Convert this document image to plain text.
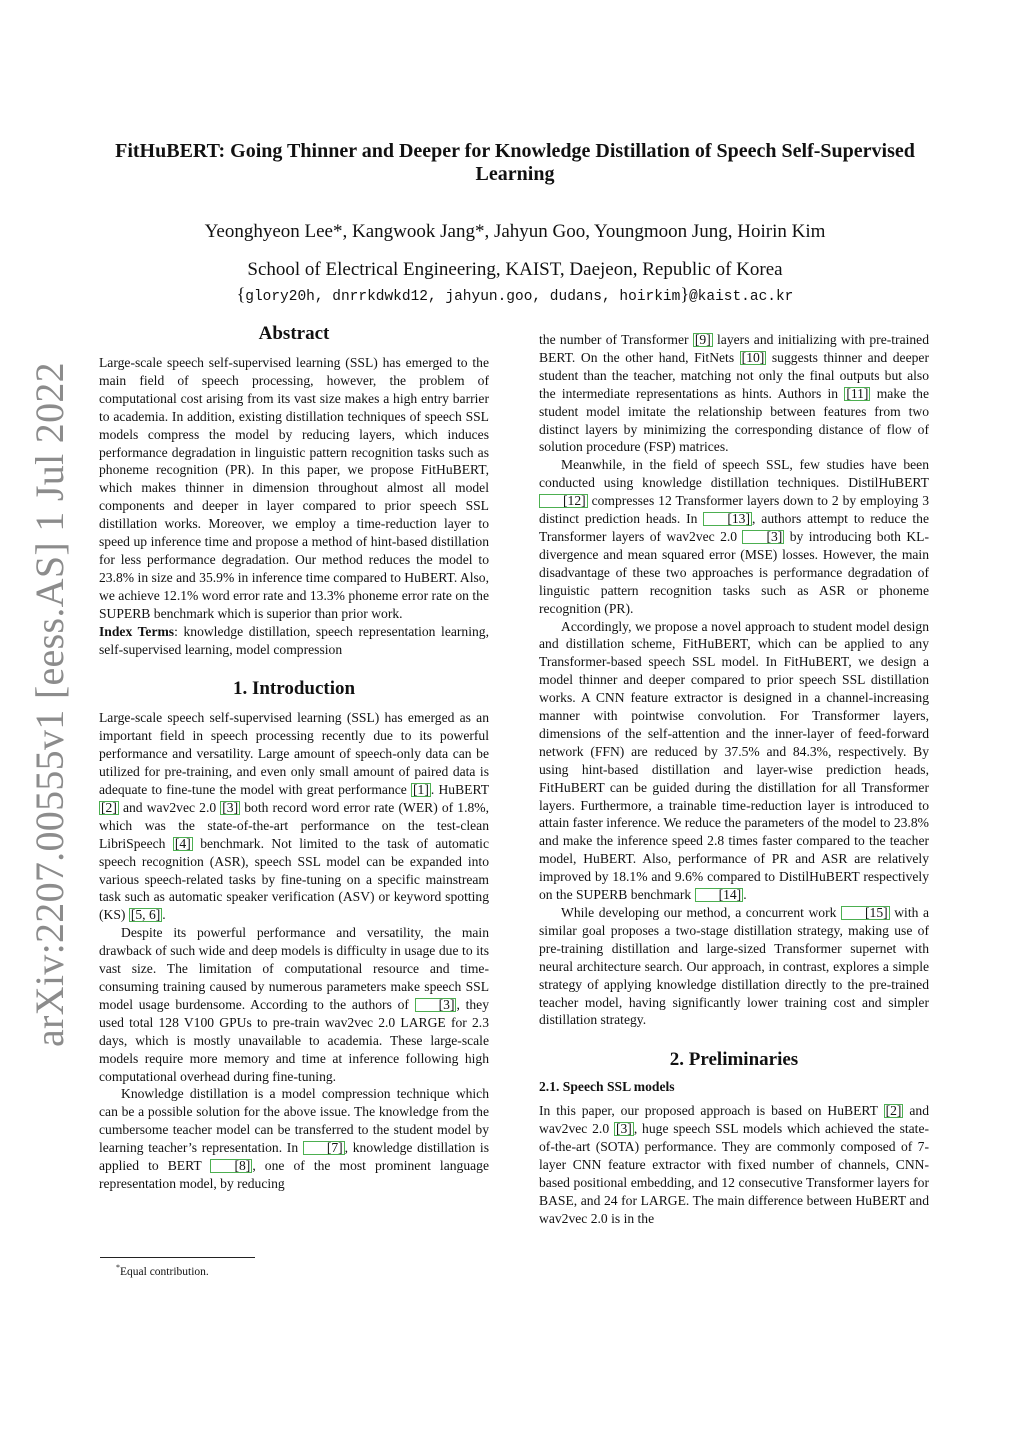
arXiv:2207.00555v1 [eess.AS] 1 Jul 2022
FitHuBERT: Going Thinner and Deeper for Knowledge Distillation of Speech Self-Supervised Learning
Yeonghyeon Lee*, Kangwook Jang*, Jahyun Goo, Youngmoon Jung, Hoirin Kim
School of Electrical Engineering, KAIST, Daejeon, Republic of Korea
{glory20h, dnrrkdwkd12, jahyun.goo, dudans, hoirkim}@kaist.ac.kr
Abstract

Large-scale speech self-supervised learning (SSL) has emerged to the main field of speech processing, however, the problem of computational cost arising from its vast size makes a high entry barrier to academia. In addition, existing distillation techniques of speech SSL models compress the model by reducing layers, which induces performance degradation in linguistic pattern recognition tasks such as phoneme recognition (PR). In this paper, we propose FitHuBERT, which makes thinner in dimension throughout almost all model components and deeper in layer compared to prior speech SSL distillation works. Moreover, we employ a time-reduction layer to speed up inference time and propose a method of hint-based distillation for less performance degradation. Our method reduces the model to 23.8% in size and 35.9% in inference time compared to HuBERT. Also, we achieve 12.1% word error rate and 13.3% phoneme error rate on the SUPERB benchmark which is superior than prior work.

Index Terms: knowledge distillation, speech representation learning, self-supervised learning, model compression

1. Introduction

Large-scale speech self-supervised learning (SSL) has emerged as an important field in speech processing recently due to its powerful performance and versatility. Large amount of speech-only data can be utilized for pre-training, and even only small amount of paired data is adequate to fine-tune the model with great performance [1] . HuBERT [2] and wav2vec 2.0 [3] both record word error rate (WER) of 1.8%, which was the state-of-the-art performance on the test-clean LibriSpeech [4] benchmark. Not limited to the task of automatic speech recognition (ASR), speech SSL model can be expanded into various speech-related tasks by fine-tuning on a specific mainstream task such as automatic speaker verification (ASV) or keyword spotting (KS) [5, 6] .

Despite its powerful performance and versatility, the main drawback of such wide and deep models is difficulty in usage due to its vast size. The limitation of computational resource and time-consuming training caused by numerous parameters make speech SSL model usage burdensome. According to the authors of [3] , they used total 128 V100 GPUs to pre-train wav2vec 2.0 LARGE for 2.3 days, which is mostly unavailable to academia. These large-scale models require more memory and time at inference following high computational overhead during fine-tuning.

Knowledge distillation is a model compression technique which can be a possible solution for the above issue. The knowledge from the cumbersome teacher model can be transferred to the student model by learning teacher’s representation. In [7] , knowledge distillation is applied to BERT [8] , one of the most prominent language representation model, by reducing

the number of Transformer [9] layers and initializing with pre-trained BERT. On the other hand, FitNets [10] suggests thinner and deeper student than the teacher, matching not only the final outputs but also the intermediate representations as hints. Authors in [11] make the student model imitate the relationship between features from two distinct layers by minimizing the corresponding distance of flow of solution procedure (FSP) matrices.

Meanwhile, in the field of speech SSL, few studies have been conducted using knowledge distillation techniques. DistilHuBERT [12] compresses 12 Transformer layers down to 2 by employing 3 distinct prediction heads. In [13] , authors attempt to reduce the Transformer layers of wav2vec 2.0 [3] by introducing both KL-divergence and mean squared error (MSE) losses. However, the main disadvantage of these two approaches is performance degradation of linguistic pattern recognition tasks such as ASR or phoneme recognition (PR).

Accordingly, we propose a novel approach to student model design and distillation scheme, FitHuBERT, which can be applied to any Transformer-based speech SSL model. In FitHuBERT, we design a model thinner and deeper compared to prior speech SSL distillation works. A CNN feature extractor is designed in a channel-increasing manner with pointwise convolution. For Transformer layers, dimensions of the self-attention and the inner-layer of feed-forward network (FFN) are reduced by 37.5% and 84.3%, respectively. By using hint-based distillation and layer-wise prediction heads, FitHuBERT can be guided during the distillation for all Transformer layers. Furthermore, a trainable time-reduction layer is introduced to attain faster inference. We reduce the parameters of the model to 23.8% and make the inference speed 2.8 times faster compared to the teacher model, HuBERT. Also, performance of PR and ASR are relatively improved by 18.1% and 9.6% compared to DistilHuBERT respectively on the SUPERB benchmark [14] .

While developing our method, a concurrent work [15] with a similar goal proposes a two-stage distillation strategy, making use of pre-training distillation and large-sized Transformer supernet with neural architecture search. Our approach, in contrast, explores a simple strategy of applying knowledge distillation directly to the pre-trained teacher model, having significantly lower training cost and simpler distillation strategy.

2. Preliminaries
2.1. Speech SSL models

In this paper, our proposed approach is based on HuBERT [2] and wav2vec 2.0 [3] , huge speech SSL models which achieved the state-of-the-art (SOTA) performance. They are commonly composed of 7-layer CNN feature extractor with fixed number of channels, CNN-based positional embedding, and 12 consecutive Transformer layers for BASE, and 24 for LARGE. The main difference between HuBERT and wav2vec 2.0 is in the

*Equal contribution.
